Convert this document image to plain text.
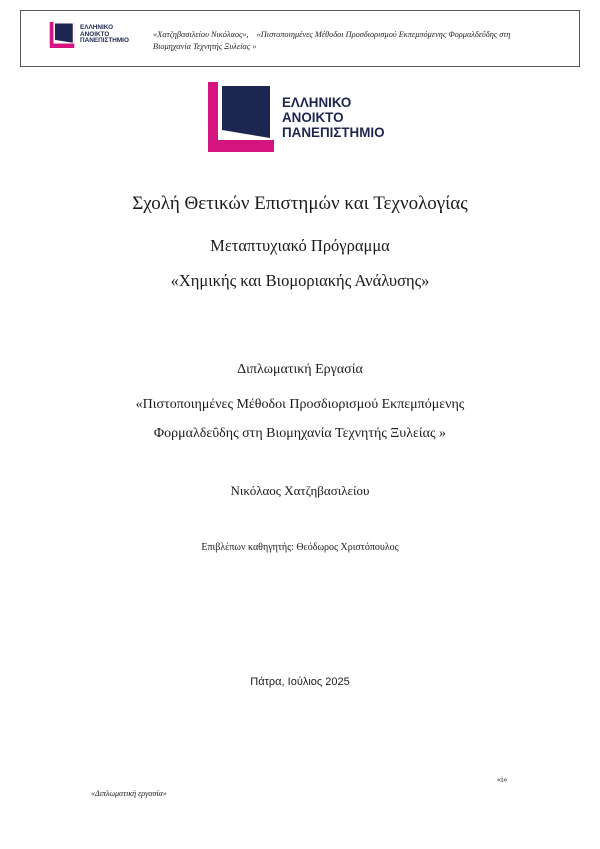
ΕΛΛΗΝΙΚΟ
ΑΝΟΙΚΤΟ
ΠΑΝΕΠΙΣΤΗΜΙΟ
«Χατζηβασιλείου Νικόλαος», «Πιστοποιημένες Μέθοδοι Προσδιορισμού Εκπεμπόμενης Φορμαλδεΰδης στη
Βιομηχανία Τεχνητής Ξυλείας »
ΕΛΛΗΝΙΚΟ
ΑΝΟΙΚΤΟ
ΠΑΝΕΠΙΣΤΗΜΙΟ
Σχολή Θετικών Επιστημών και Τεχνολογίας
Μεταπτυχιακό Πρόγραμμα
«Χημικής και Βιομοριακής Ανάλυσης»
Διπλωματική Εργασία
«Πιστοποιημένες Μέθοδοι Προσδιορισμού Εκπεμπόμενης
Φορμαλδεΰδης στη Βιομηχανία Τεχνητής Ξυλείας »
Νικόλαος Χατζηβασιλείου
Επιβλέπων καθηγητής: Θεόδωρος Χριστόπουλος
Πάτρα, Ιούλιος 2025
«i»
«Διπλωματική εργασία»
